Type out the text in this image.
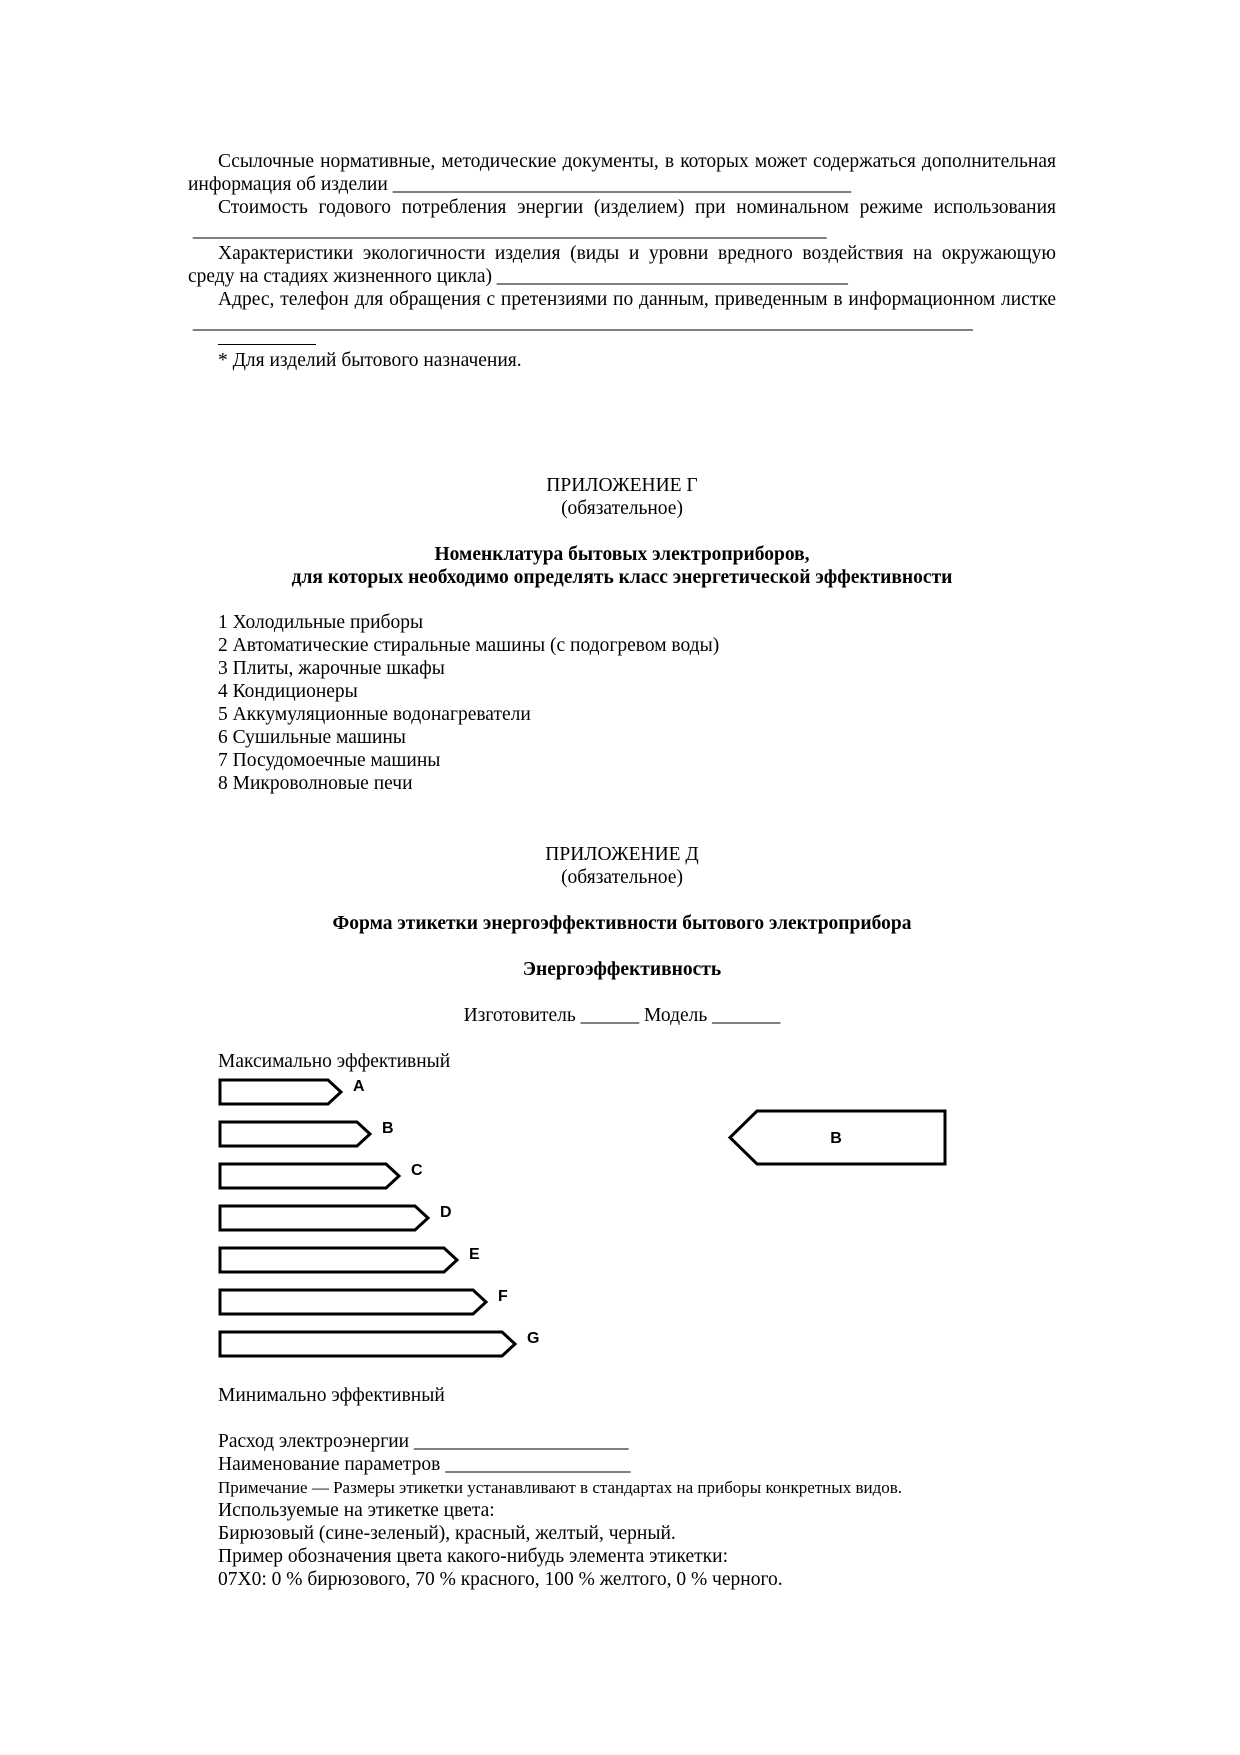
Ссылочные нормативные, методические документы, в которых может содержаться дополнительная информация об изделии _______________________________________________

Стоимость годового потребления энергии (изделием) при номинальном режиме использования _________________________________________________________________

Характеристики экологичности изделия (виды и уровни вредного воздействия на окружающую среду на стадиях жизненного цикла) ____________________________________

Адрес, телефон для обращения с претензиями по данным, приведенным в информационном листке ________________________________________________________________________________

* Для изделий бытового назначения.

ПРИЛОЖЕНИЕ Г
(обязательное)
Номенклатура бытовых электроприборов,
для которых необходимо определять класс энергетической эффективности
1 Холодильные приборы
2 Автоматические стиральные машины (с подогревом воды)
3 Плиты, жарочные шкафы
4 Кондиционеры
5 Аккумуляционные водонагреватели
6 Сушильные машины
7 Посудомоечные машины
8 Микроволновые печи
ПРИЛОЖЕНИЕ Д
(обязательное)
Форма этикетки энергоэффективности бытового электроприбора
Энергоэффективность
Изготовитель ______ Модель _______
Максимально эффективный
A
B
C
D
E
F
G
B
Минимально эффективный
Расход электроэнергии ______________________
Наименование параметров ___________________
Примечание — Размеры этикетки устанавливают в стандартах на приборы конкретных видов.
Используемые на этикетке цвета:
Бирюзовый (сине-зеленый), красный, желтый, черный.
Пример обозначения цвета какого-нибудь элемента этикетки:
07Х0: 0 % бирюзового, 70 % красного, 100 % желтого, 0 % черного.
